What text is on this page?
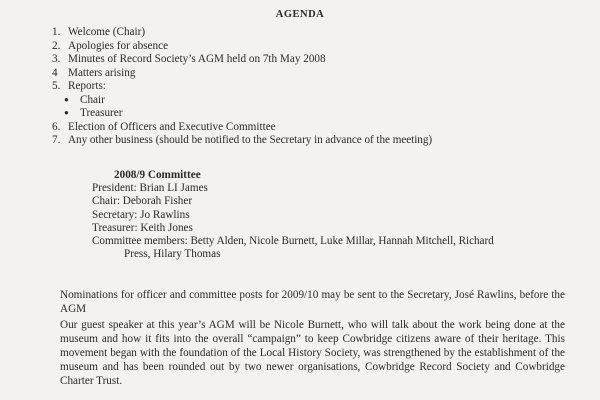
AGENDA
1. Welcome (Chair)
2. Apologies for absence
3. Minutes of Record Society’s AGM held on 7th May 2008
4 Matters arising
5. Reports:
● Chair
● Treasurer
6. Election of Officers and Executive Committee
7. Any other business (should be notified to the Secretary in advance of the meeting)
2008/9 Committee
President: Brian LI James
Chair: Deborah Fisher
Secretary: Jo Rawlins
Treasurer: Keith Jones
Committee members: Betty Alden, Nicole Burnett, Luke Millar, Hannah Mitchell, Richard
Press, Hilary Thomas

Nominations for officer and committee posts for 2009/10 may be sent to the Secretary, José Rawlins, before the AGM

Our guest speaker at this year’s AGM will be Nicole Burnett, who will talk about the work being done at the museum and how it fits into the overall “campaign” to keep Cowbridge citizens aware of their heritage. This movement began with the foundation of the Local History Society, was strengthened by the establishment of the museum and has been rounded out by two newer organisations, Cowbridge Record Society and Cowbridge Charter Trust.
